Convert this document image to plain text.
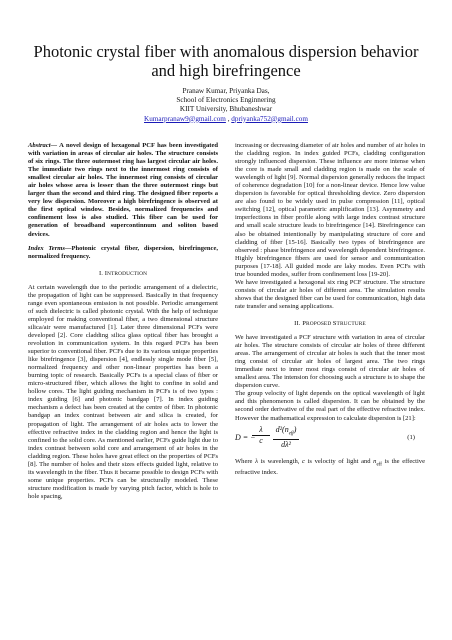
Photonic crystal fiber with anomalous dispersion behavior and high birefringence
Pranaw Kumar, Priyanka Das,
School of Electronics Enginnering
KIIT University, Bhubaneshwar
Kumarpranaw9@gmail.com , dpriyanka752@gmail.com

Abstract— A novel design of hexagonal PCF has been investigated with variation in areas of circular air holes. The structure consists of six rings. The three outermost ring has largest circular air holes. The immediate two rings next to the innermost ring consists of smallest circular air holes. The innermost ring consists of circular air holes whose area is lesser than the three outermost rings but larger than the second and third ring. The designed fiber reports a very low dispersion. Moreover a high birefringence is observed at the first optical window. Besides, normalized frequencies and confinement loss is also studied. This fiber can be used for generation of broadband supercontinnum and soliton based devices.

Index Terms—Photonic crystal fiber, dispersion, birefringence, normalized frequency.

I. INTRODUCTION

At certain wavelength due to the periodic arrangement of a dielectric, the propagation of light can be suppressed. Basically in that frequency range even spontaneous emission is not possible. Periodic arrangement of such dielectric is called photonic crystal. With the help of technique employed for making conventional fiber, a two dimensional structure silica/air were manufactured [1]. Later three dimensional PCFs were developed [2]. Core cladding silica glass optical fiber has brought a revolution in communication system. In this regard PCFs has been superior to conventional fiber. PCFs due to its various unique properties like birefringence [3], dispersion [4], endlessly single mode fiber [5], normalized frequency and other non-linear properties has been a burning topic of research. Basically PCFs is a special class of fiber or micro-structured fiber, which allows the light to confine in solid and hollow cores. The light guiding mechanism in PCFs is of two types : index guiding [6] and photonic bandgap [7]. In index guiding mechanism a defect has been created at the centre of fiber. In photonic bandgap an index contrast between air and silica is created, for propagation of light. The arrangement of air holes acts to lower the effective refractive index in the cladding region and hence the light is confined to the solid core. As mentioned earlier, PCFs guide light due to index contrast between solid core and arrangement of air holes in the cladding region. These holes have great effect on the properties of PCFs [8]. The number of holes and their sizes effects guided light, relative to its wavelength in the fiber. Thus it became possible to design PCFs with some unique properties. PCFs can be structurally modeled. These structure modification is made by varying pitch factor, which is hole to hole spacing,

increasing or decreasing diameter of air holes and number of air holes in the cladding region. In index guided PCFs, cladding configuration strongly influenced dispersion. These influence are more intense when the core is made small and cladding region is made on the scale of wavelength of light [9]. Normal dispersion generally reduces the impact of coherence degradation [10] for a non-linear device. Hence low value dispersion is favorable for optical thresholding device. Zero dispersion are also found to be widely used in pulse compression [11], optical switching [12], optical parametric amplification [13]. Asymmetry and imperfections in fiber profile along with large index contrast structure and small scale structure leads to birefringence [14]. Birefringence can also be obtained intentionally by manipulating structure of core and cladding of fiber [15-16]. Basically two types of birefringence are observed : phase birefringence and wavelength dependent birefringence. Highly birefringence fibers are used for sensor and communication purposes [17-18]. All guided mode are laky modes. Even PCFs with true bounded modes, suffer from confinement loss [19-20].

We have investigated a hexagonal six ring PCF structure. The structure consists of circular air holes of different area. The simulation results shows that the designed fiber can be used for communication, high data rate transfer and sensing applications.

II. PROPOSED STRUCTURE

We have investigated a PCF structure with variation in area of circular air holes. The structure consists of circular air holes of three different areas. The arrangement of circular air holes is such that the inner most ring consist of circular air holes of largest area. The two rings immediate next to inner most rings consist of circular air holes of smallest area. The intension for choosing such a structure is to shape the dispersion curve.

The group velocity of light depends on the optical wavelength of light and this phenomenon is called dispersion. It can be obtained by the second order derivative of the real part of the effective refractive index. However the mathematical expression to calculate dispersion is [21]:

D = −
$\frac{\lambda}{c} d^2(n_{eff})$
dλ²
(1)

Where λ is wavelength, c is velocity of light and $n_{eff}$ is the effective refractive index.
